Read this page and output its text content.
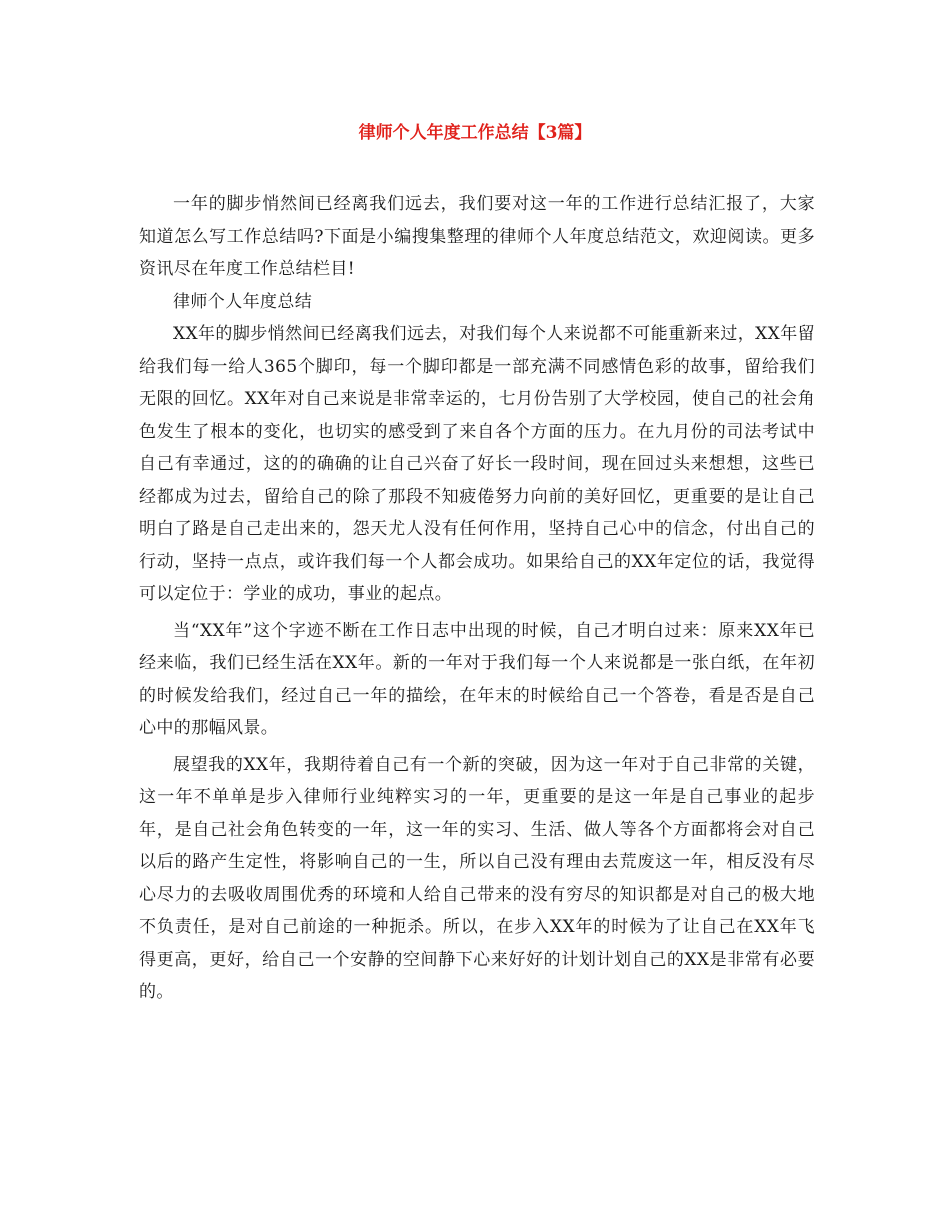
律师个人年度工作总结【3篇】

一年的脚步悄然间已经离我们远去，我们要对这一年的工作进行总结汇报了，大家知道怎么写工作总结吗?下面是小编搜集整理的律师个人年度总结范文，欢迎阅读。更多资讯尽在年度工作总结栏目!

律师个人年度总结

XX年的脚步悄然间已经离我们远去，对我们每个人来说都不可能重新来过，XX年留给我们每一给人365个脚印，每一个脚印都是一部充满不同感情色彩的故事，留给我们无限的回忆。XX年对自己来说是非常幸运的，七月份告别了大学校园，使自己的社会角色发生了根本的变化，也切实的感受到了来自各个方面的压力。在九月份的司法考试中自己有幸通过，这的的确确的让自己兴奋了好长一段时间，现在回过头来想想，这些已经都成为过去，留给自己的除了那段不知疲倦努力向前的美好回忆，更重要的是让自己明白了路是自己走出来的，怨天尤人没有任何作用，坚持自己心中的信念，付出自己的行动，坚持一点点，或许我们每一个人都会成功。如果给自己的XX年定位的话，我觉得可以定位于：学业的成功，事业的起点。

当“XX年”这个字迹不断在工作日志中出现的时候，自己才明白过来：原来XX年已经来临，我们已经生活在XX年。新的一年对于我们每一个人来说都是一张白纸，在年初的时候发给我们，经过自己一年的描绘，在年末的时候给自己一个答卷，看是否是自己心中的那幅风景。

展望我的XX年，我期待着自己有一个新的突破，因为这一年对于自己非常的关键，这一年不单单是步入律师行业纯粹实习的一年，更重要的是这一年是自己事业的起步年，是自己社会角色转变的一年，这一年的实习、生活、做人等各个方面都将会对自己以后的路产生定性，将影响自己的一生，所以自己没有理由去荒废这一年，相反没有尽心尽力的去吸收周围优秀的环境和人给自己带来的没有穷尽的知识都是对自己的极大地不负责任，是对自己前途的一种扼杀。所以，在步入XX年的时候为了让自己在XX年飞得更高，更好，给自己一个安静的空间静下心来好好的计划计划自己的XX是非常有必要的。
